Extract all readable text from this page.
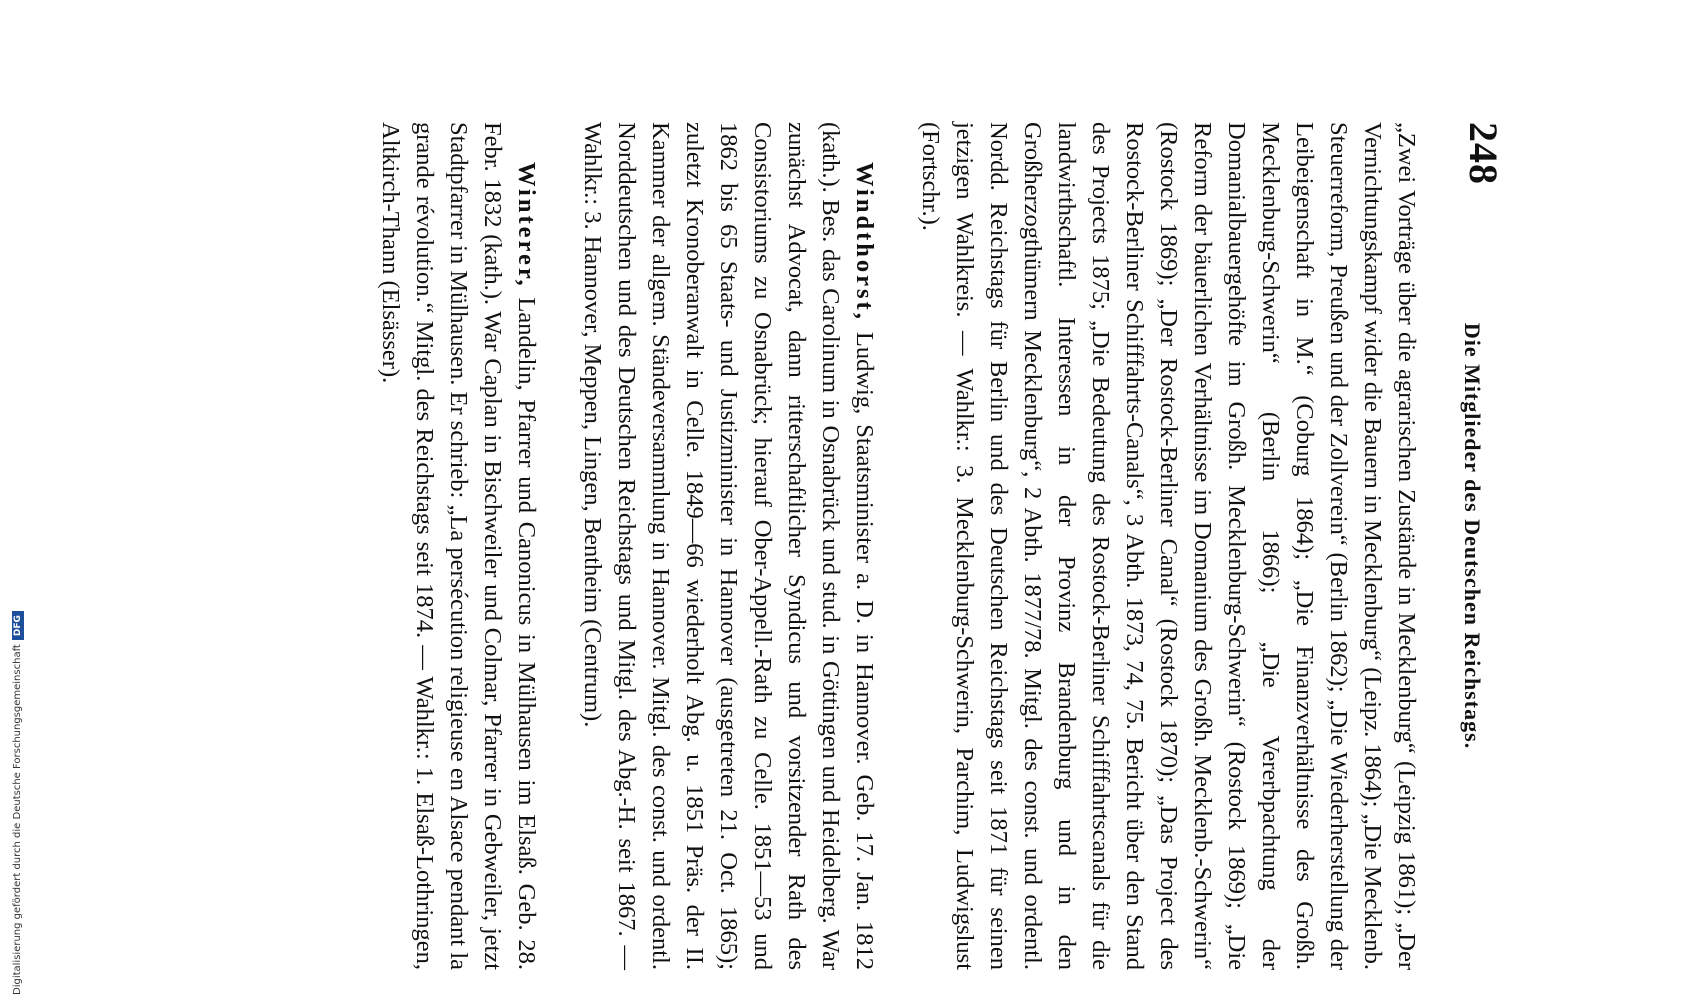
Digitalisierung gefördert durch die Deutsche ForschungsgemeinschaftDFG
248
Die Mitglieder des Deutschen Reichstags.

„Zwei Vorträge über die agrarischen Zustände in Mecklenburg“ (Leipzig 1861); „Der Vernichtungskampf wider die Bauern in Mecklenburg“ (Leipz. 1864); „Die Mecklenb. Steuerreform, Preußen und der Zollverein“ (Berlin 1862); „Die Wiederherstellung der Leibeigenschaft in M.“ (Coburg 1864); „Die Finanzverhältnisse des Großh. Mecklenburg-Schwerin“ (Berlin 1866); „Die Vererbpachtung der Domanialbauergehöfte im Großh. Mecklenburg-Schwerin“ (Rostock 1869); „Die Reform der bäuerlichen Verhältnisse im Domanium des Großh. Mecklenb.-Schwerin“ (Rostock 1869); „Der Rostock-Berliner Canal“ (Rostock 1870); „Das Project des Rostock-Berliner Schifffahrts-Canals“, 3 Abth. 1873, 74, 75. Bericht über den Stand des Projects 1875; „Die Bedeutung des Rostock-Berliner Schifffahrtscanals für die landwirthschaftl. Interessen in der Provinz Brandenburg und in den Großherzogthümern Mecklenburg“, 2 Abth. 1877/78. Mitgl. des const. und ordentl. Nordd. Reichstags für Berlin und des Deutschen Reichstags seit 1871 für seinen jetzigen Wahlkreis. — Wahlkr.: 3. Mecklenburg-Schwerin, Parchim, Ludwigslust (Fortschr.).

Windthorst, Ludwig, Staatsminister a. D. in Hannover. Geb. 17. Jan. 1812 (kath.). Bes. das Carolinum in Osnabrück und stud. in Göttingen und Heidelberg. War zunächst Advocat, dann ritterschaftlicher Syndicus und vorsitzender Rath des Consistoriums zu Osnabrück; hierauf Ober-Appell.-Rath zu Celle. 1851—53 und 1862 bis 65 Staats- und Justizminister in Hannover (ausgetreten 21. Oct. 1865); zuletzt Kronoberanwalt in Celle. 1849—66 wiederholt Abg. u. 1851 Präs. der II. Kammer der allgem. Ständeversammlung in Hannover. Mitgl. des const. und ordentl. Norddeutschen und des Deutschen Reichstags und Mitgl. des Abg.-H. seit 1867. — Wahlkr.: 3. Hannover, Meppen, Lingen, Bentheim (Centrum).

Winterer, Landelin, Pfarrer und Canonicus in Mülhausen im Elsaß. Geb. 28. Febr. 1832 (kath.). War Caplan in Bischweiler und Colmar, Pfarrer in Gebweiler, jetzt Stadtpfarrer in Mülhausen. Er schrieb: „La persécution religieuse en Alsace pendant la grande révolution.“ Mitgl. des Reichstags seit 1874. — Wahlkr.: 1. Elsaß-Lothringen, Altkirch-Thann (Elsässer).
